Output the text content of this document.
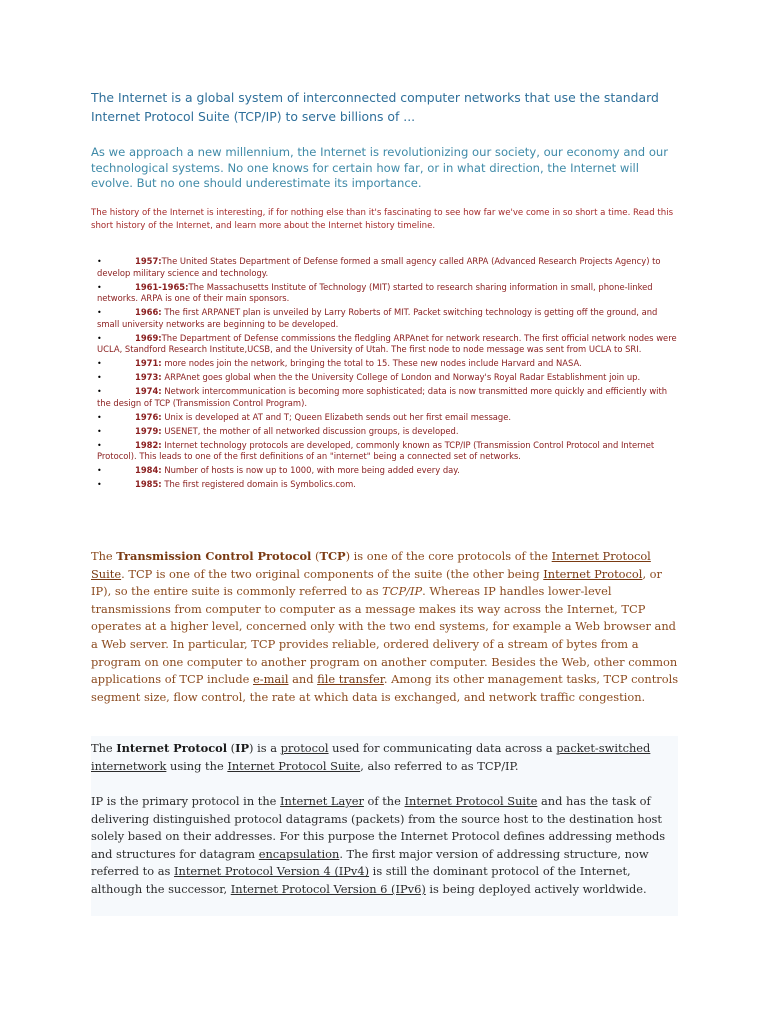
The Internet is a global system of interconnected computer networks that use the standard Internet Protocol Suite (TCP/IP) to serve billions of ...

As we approach a new millennium, the Internet is revolutionizing our society, our economy and our technological systems. No one knows for certain how far, or in what direction, the Internet will evolve. But no one should underestimate its importance.

The history of the Internet is interesting, if for nothing else than it's fascinating to see how far we've come in so short a time. Read this short history of the Internet, and learn more about the Internet history timeline.

•	1957:The United States Department of Defense formed a small agency called ARPA (Advanced Research Projects Agency) to develop military science and technology.
•	1961-1965:The Massachusetts Institute of Technology (MIT) started to research sharing information in small, phone-linked networks. ARPA is one of their main sponsors.
•	1966: The first ARPANET plan is unveiled by Larry Roberts of MIT. Packet switching technology is getting off the ground, and small university networks are beginning to be developed.
•	1969:The Department of Defense commissions the fledgling ARPAnet for network research. The first official network nodes were UCLA, Standford Research Institute,UCSB, and the University of Utah. The first node to node message was sent from UCLA to SRI.
•	1971: more nodes join the network, bringing the total to 15. These new nodes include Harvard and NASA.
•	1973: ARPAnet goes global when the the University College of London and Norway's Royal Radar Establishment join up.
•	1974: Network intercommunication is becoming more sophisticated; data is now transmitted more quickly and efficiently with the design of TCP (Transmission Control Program).
•	1976: Unix is developed at AT and T; Queen Elizabeth sends out her first email message.
•	1979: USENET, the mother of all networked discussion groups, is developed.
•	1982: Internet technology protocols are developed, commonly known as TCP/IP (Transmission Control Protocol and Internet Protocol). This leads to one of the first definitions of an "internet" being a connected set of networks.
•	1984: Number of hosts is now up to 1000, with more being added every day.
•	1985: The first registered domain is Symbolics.com.

The Transmission Control Protocol (TCP) is one of the core protocols of the Internet Protocol Suite. TCP is one of the two original components of the suite (the other being Internet Protocol, or IP), so the entire suite is commonly referred to as TCP/IP. Whereas IP handles lower-level transmissions from computer to computer as a message makes its way across the Internet, TCP operates at a higher level, concerned only with the two end systems, for example a Web browser and a Web server. In particular, TCP provides reliable, ordered delivery of a stream of bytes from a program on one computer to another program on another computer. Besides the Web, other common applications of TCP include e-mail and file transfer. Among its other management tasks, TCP controls segment size, flow control, the rate at which data is exchanged, and network traffic congestion.

The Internet Protocol (IP) is a protocol used for communicating data across a packet-switched internetwork using the Internet Protocol Suite, also referred to as TCP/IP.

IP is the primary protocol in the Internet Layer of the Internet Protocol Suite and has the task of delivering distinguished protocol datagrams (packets) from the source host to the destination host solely based on their addresses. For this purpose the Internet Protocol defines addressing methods and structures for datagram encapsulation. The first major version of addressing structure, now referred to as Internet Protocol Version 4 (IPv4) is still the dominant protocol of the Internet, although the successor, Internet Protocol Version 6 (IPv6) is being deployed actively worldwide.
